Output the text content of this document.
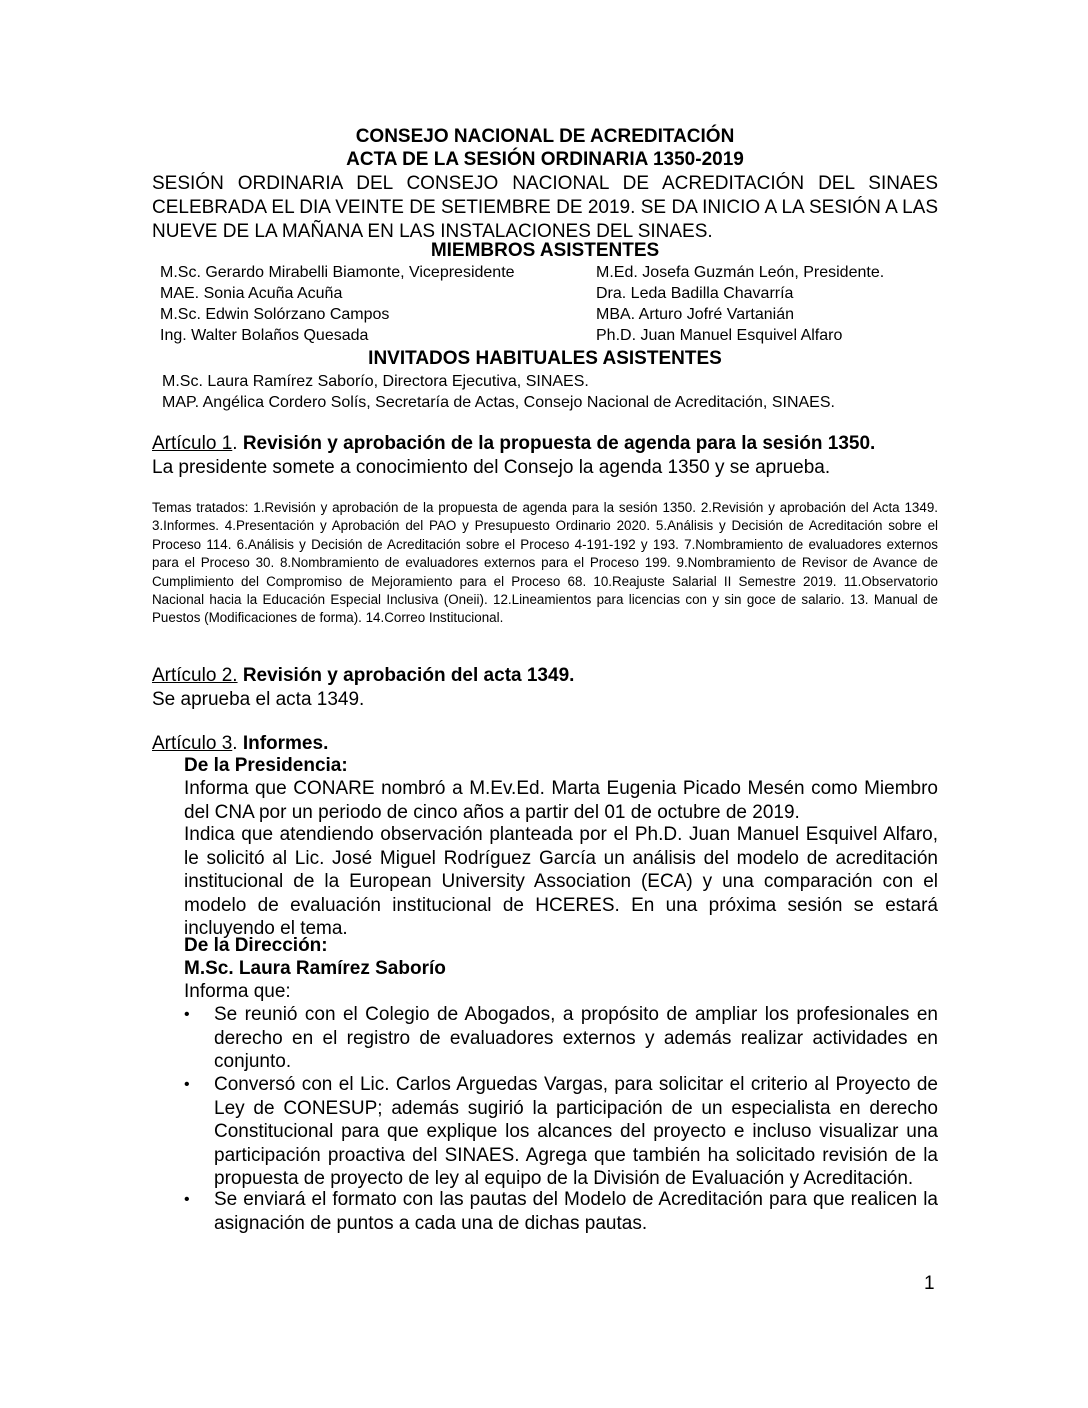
CONSEJO NACIONAL DE ACREDITACIÓN
ACTA DE LA SESIÓN ORDINARIA 1350-2019
SESIÓN ORDINARIA DEL CONSEJO NACIONAL DE ACREDITACIÓN DEL SINAES CELEBRADA EL DIA VEINTE DE SETIEMBRE DE 2019. SE DA INICIO A LA SESIÓN A LAS NUEVE DE LA MAÑANA EN LAS INSTALACIONES DEL SINAES.
MIEMBROS ASISTENTES
M.Sc. Gerardo Mirabelli Biamonte, Vicepresidente	M.Ed. Josefa Guzmán León, Presidente.
MAE. Sonia Acuña Acuña	Dra. Leda Badilla Chavarría
M.Sc. Edwin Solórzano Campos	MBA. Arturo Jofré Vartanián
Ing. Walter Bolaños Quesada	Ph.D. Juan Manuel Esquivel Alfaro
INVITADOS HABITUALES ASISTENTES
M.Sc. Laura Ramírez Saborío, Directora Ejecutiva, SINAES.
MAP. Angélica Cordero Solís, Secretaría de Actas, Consejo Nacional de Acreditación, SINAES.
Artículo 1. Revisión y aprobación de la propuesta de agenda para la sesión 1350.
La presidente somete a conocimiento del Consejo la agenda 1350 y se aprueba.
Temas tratados: 1.Revisión y aprobación de la propuesta de agenda para la sesión 1350. 2.Revisión y aprobación del Acta 1349. 3.Informes. 4.Presentación y Aprobación del PAO y Presupuesto Ordinario 2020. 5.Análisis y Decisión de Acreditación sobre el Proceso 114. 6.Análisis y Decisión de Acreditación sobre el Proceso 4-191-192 y 193. 7.Nombramiento de evaluadores externos para el Proceso 30. 8.Nombramiento de evaluadores externos para el Proceso 199. 9.Nombramiento de Revisor de Avance de Cumplimiento del Compromiso de Mejoramiento para el Proceso 68. 10.Reajuste Salarial II Semestre 2019. 11.Observatorio Nacional hacia la Educación Especial Inclusiva (Oneii). 12.Lineamientos para licencias con y sin goce de salario. 13. Manual de Puestos (Modificaciones de forma). 14.Correo Institucional.
Artículo 2. Revisión y aprobación del acta 1349.
Se aprueba el acta 1349.
Artículo 3. Informes.
De la Presidencia:
Informa que CONARE nombró a M.Ev.Ed. Marta Eugenia Picado Mesén como Miembro del CNA por un periodo de cinco años a partir del 01 de octubre de 2019.
Indica que atendiendo observación planteada por el Ph.D. Juan Manuel Esquivel Alfaro, le solicitó al Lic. José Miguel Rodríguez García un análisis del modelo de acreditación institucional de la European University Association (ECA) y una comparación con el modelo de evaluación institucional de HCERES. En una próxima sesión se estará incluyendo el tema.
De la Dirección:
M.Sc. Laura Ramírez Saborío
Informa que:
• Se reunió con el Colegio de Abogados, a propósito de ampliar los profesionales en derecho en el registro de evaluadores externos y además realizar actividades en conjunto.
• Conversó con el Lic. Carlos Arguedas Vargas, para solicitar el criterio al Proyecto de Ley de CONESUP; además sugirió la participación de un especialista en derecho Constitucional para que explique los alcances del proyecto e incluso visualizar una participación proactiva del SINAES. Agrega que también ha solicitado revisión de la propuesta de proyecto de ley al equipo de la División de Evaluación y Acreditación.
• Se enviará el formato con las pautas del Modelo de Acreditación para que realicen la asignación de puntos a cada una de dichas pautas.
1
